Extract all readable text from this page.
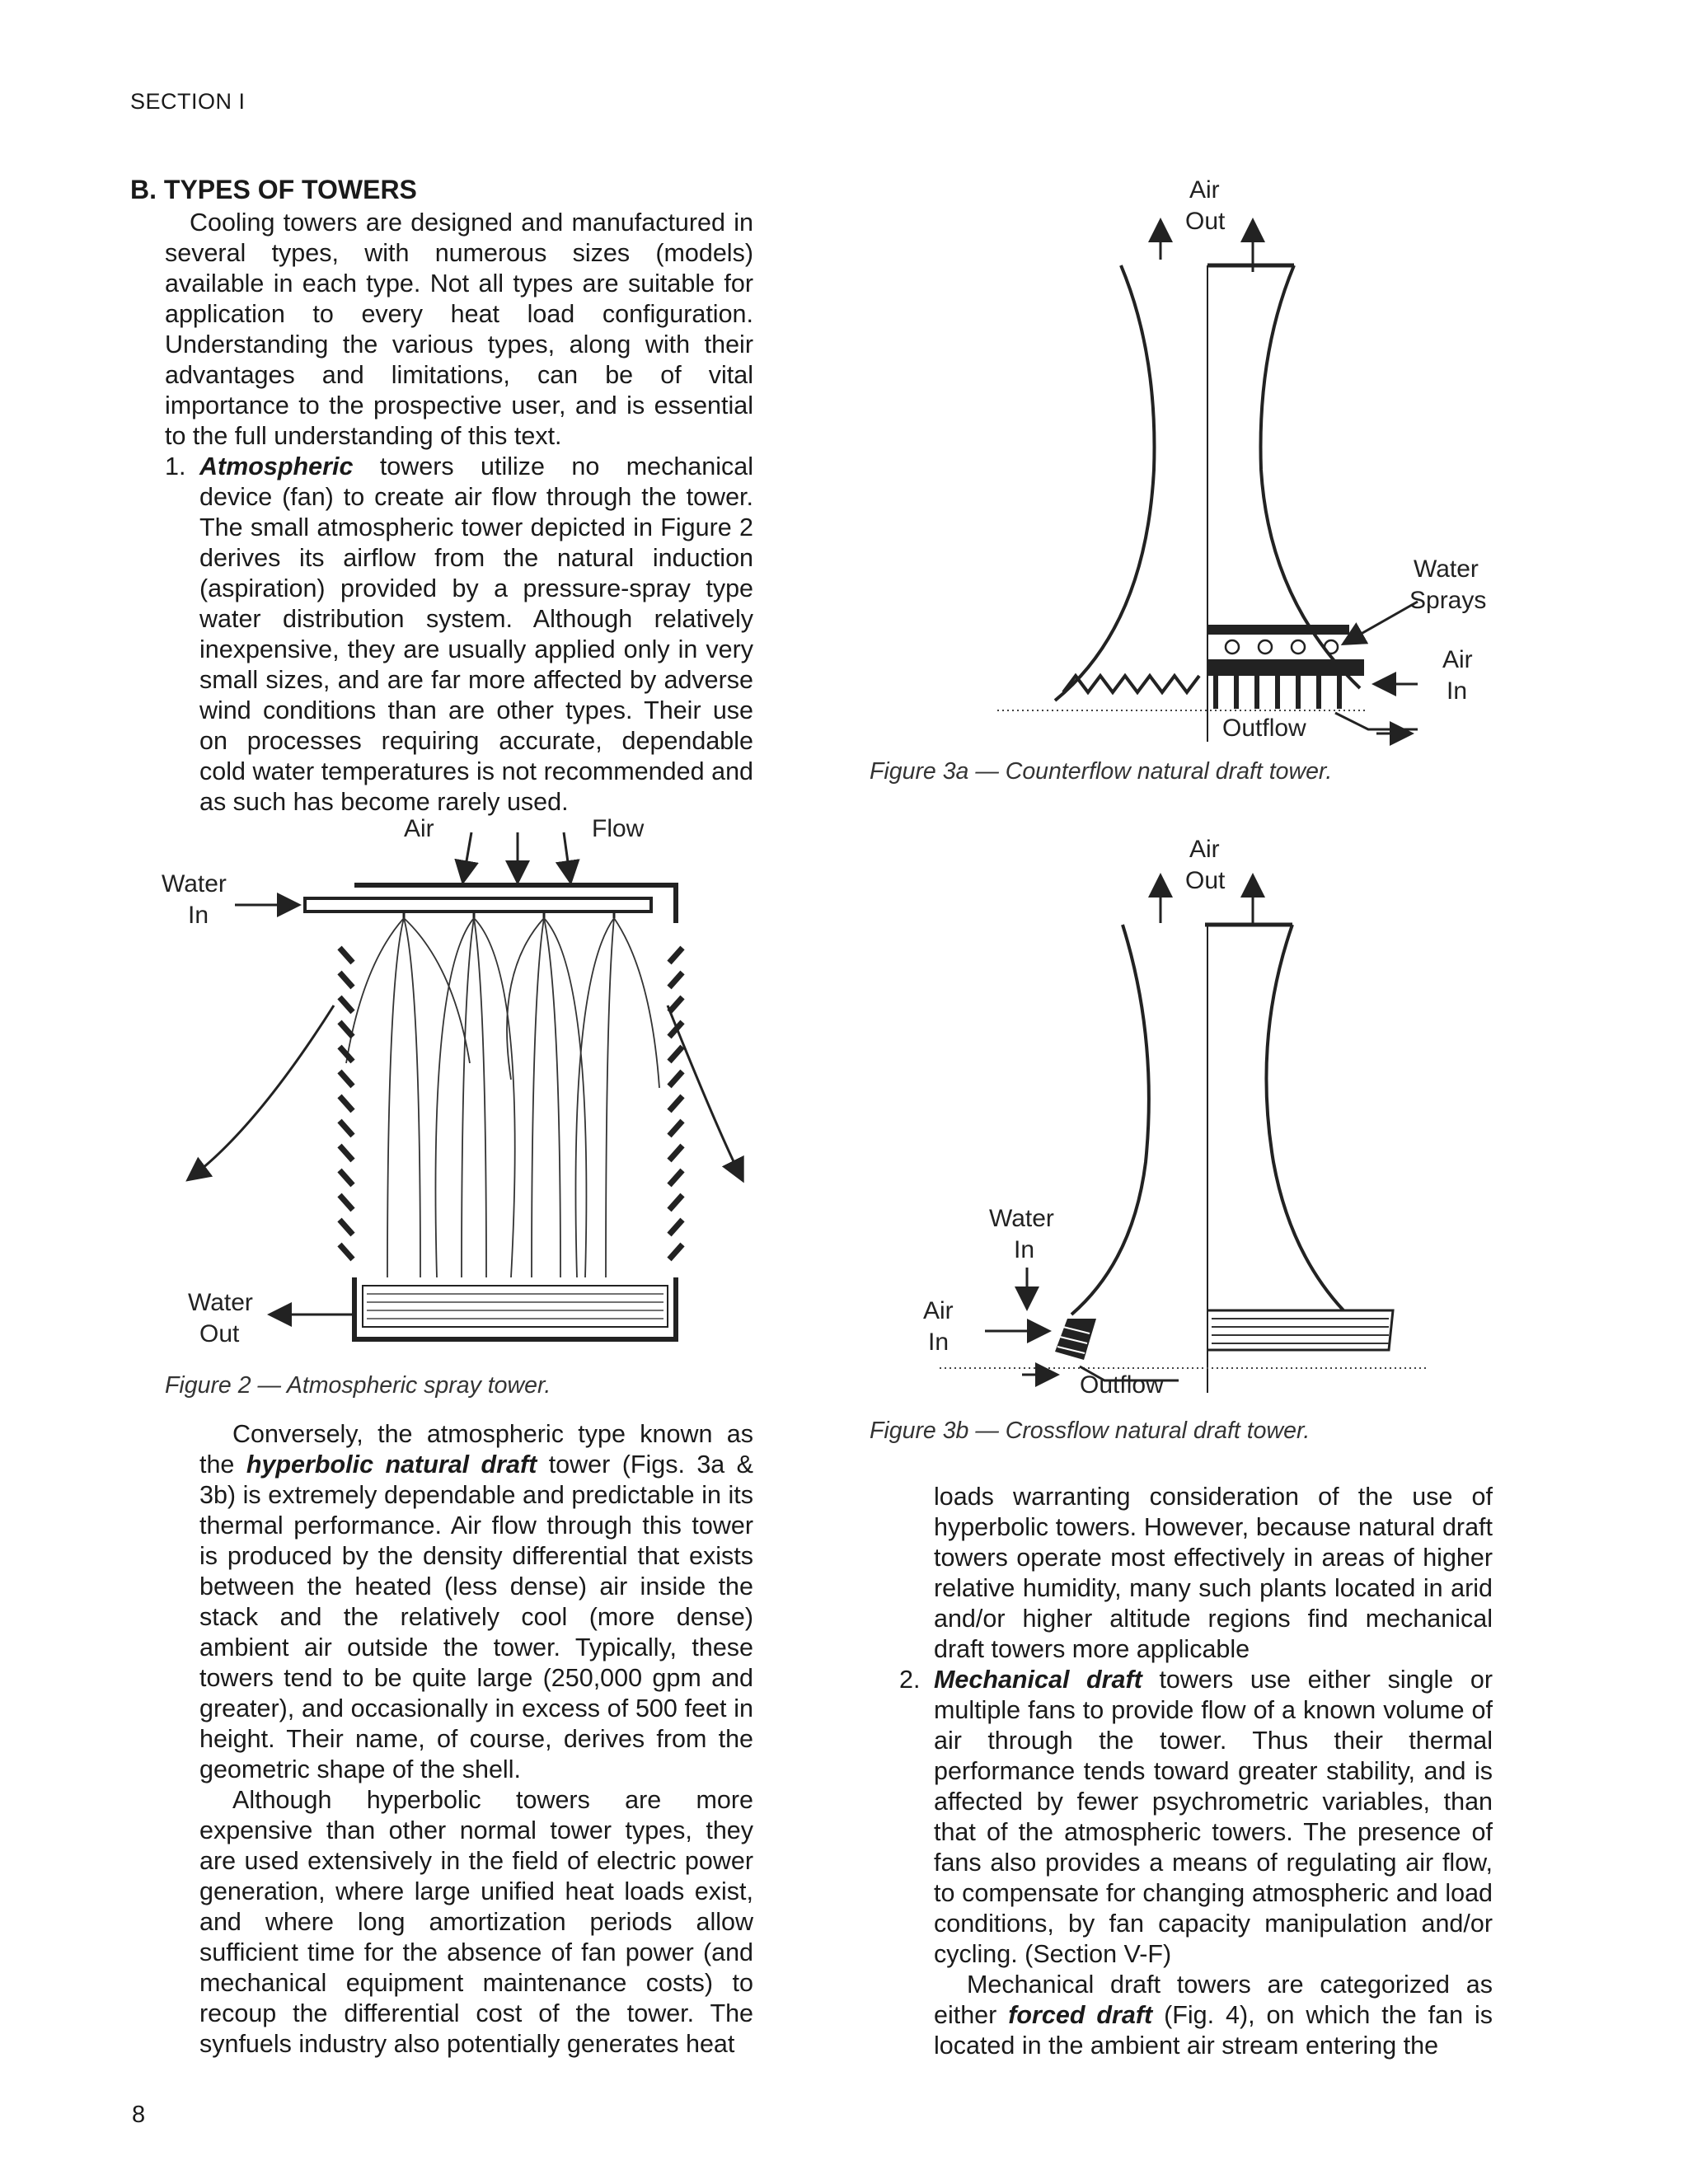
SECTION I
B. TYPES OF TOWERS

Cooling towers are designed and manufactured in several types, with numerous sizes (models) available in each type. Not all types are suitable for application to every heat load configuration. Understanding the various types, along with their advantages and limitations, can be of vital importance to the prospective user, and is essential to the full understanding of this text.

1. Atmospheric towers utilize no mechanical device (fan) to create air flow through the tower. The small atmospheric tower depicted in Figure 2 derives its airflow from the natural induction (aspiration) provided by a pressure-spray type water distribution system. Although relatively inexpensive, they are usually applied only in very small sizes, and are far more affected by adverse wind conditions than are other types. Their use on processes requiring accurate, dependable cold water temperatures is not recommended and as such has become rarely used.

Air	Flow
Water
In
Water
Out
Figure 2 — Atmospheric spray tower.

Conversely, the atmospheric type known as the hyperbolic natural draft tower (Figs. 3a & 3b) is extremely dependable and predictable in its thermal performance. Air flow through this tower is produced by the density differential that exists between the heated (less dense) air inside the stack and the relatively cool (more dense) ambient air outside the tower. Typically, these towers tend to be quite large (250,000 gpm and greater), and occasionally in excess of 500 feet in height. Their name, of course, derives from the geometric shape of the shell.

Although hyperbolic towers are more expensive than other normal tower types, they are used extensively in the field of electric power generation, where large unified heat loads exist, and where long amortization periods allow sufficient time for the absence of fan power (and mechanical equipment maintenance costs) to recoup the differential cost of the tower. The synfuels industry also potentially generates heat

Air
Out
Outflow
Water
Sprays
Air
In
Figure 3a — Counterflow natural draft tower.
Air
Out
Outflow
Water
In
Air
In
Figure 3b — Crossflow natural draft tower.

loads warranting consideration of the use of hyperbolic towers. However, because natural draft towers operate most effectively in areas of higher relative humidity, many such plants located in arid and/or higher altitude regions find mechanical draft towers more applicable

2. Mechanical draft towers use either single or multiple fans to provide flow of a known volume of air through the tower. Thus their thermal performance tends toward greater stability, and is affected by fewer psychrometric variables, than that of the atmospheric towers. The presence of fans also provides a means of regulating air flow, to compensate for changing atmospheric and load conditions, by fan capacity manipulation and/or cycling. (Section V-F)

Mechanical draft towers are categorized as either forced draft (Fig. 4), on which the fan is located in the ambient air stream entering the

8
